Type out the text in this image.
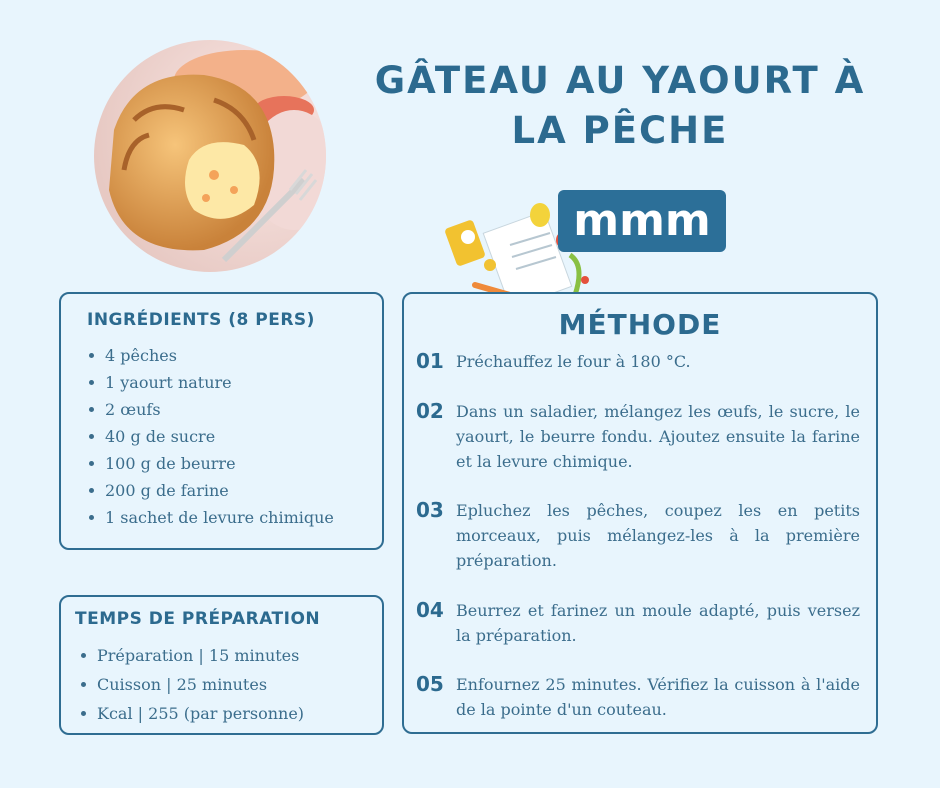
GÂTEAU AU YAOURT À LA PÊCHE
mmm
INGRÉDIENTS (8 PERS)
4 pêches
1 yaourt nature
2 œufs
40 g de sucre
100 g de beurre
200 g de farine
1 sachet de levure chimique
TEMPS DE PRÉPARATION
Préparation | 15 minutes
Cuisson | 25 minutes
Kcal | 255 (par personne)
MÉTHODE
01 Préchauffez le four à 180 °C.

02 Dans un saladier, mélangez les œufs, le sucre, le yaourt, le beurre fondu. Ajoutez ensuite la farine et la levure chimique.

03 Epluchez les pêches, coupez les en petits morceaux, puis mélangez-les à la première préparation.

04 Beurrez et farinez un moule adapté, puis versez la préparation.

05 Enfournez 25 minutes. Vérifiez la cuisson à l'aide de la pointe d'un couteau.
